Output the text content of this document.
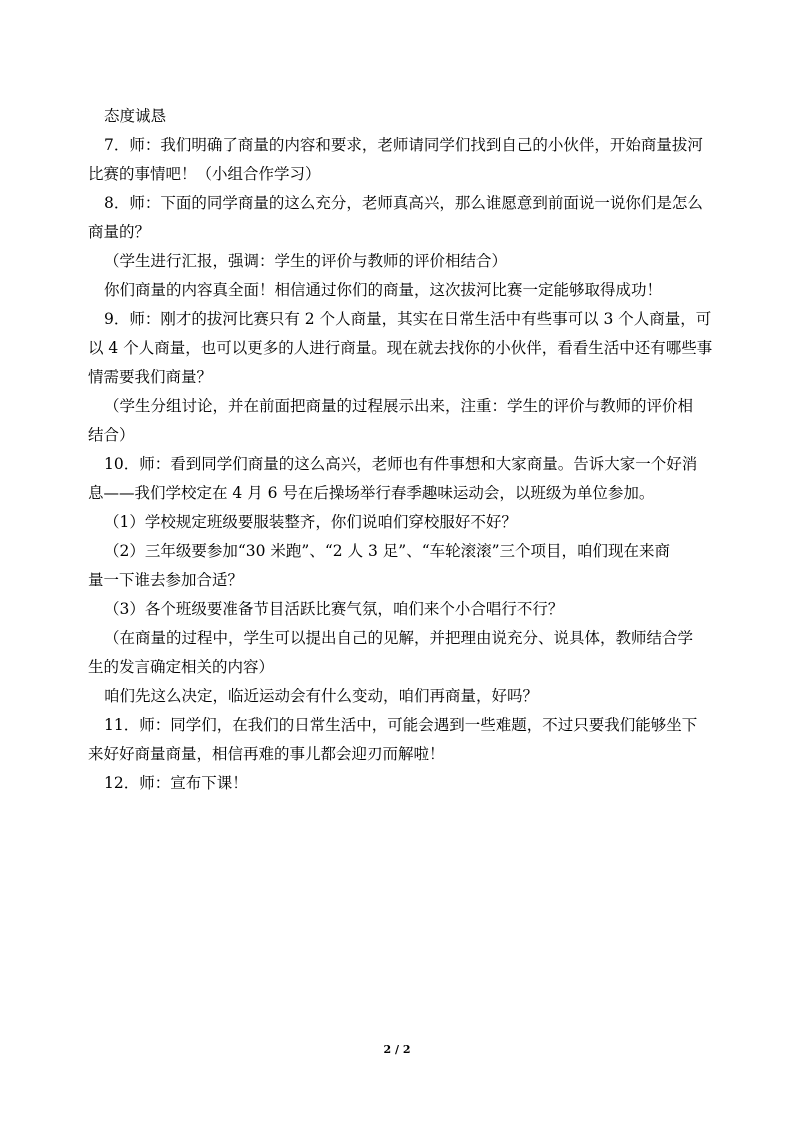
态度诚恳
7．师：我们明确了商量的内容和要求，老师请同学们找到自己的小伙伴，开始商量拔河
比赛的事情吧！（小组合作学习）
8．师：下面的同学商量的这么充分，老师真高兴，那么谁愿意到前面说一说你们是怎么
商量的？
（学生进行汇报，强调：学生的评价与教师的评价相结合）
你们商量的内容真全面！相信通过你们的商量，这次拔河比赛一定能够取得成功！
9．师：刚才的拔河比赛只有 2 个人商量，其实在日常生活中有些事可以 3 个人商量，可
以 4 个人商量，也可以更多的人进行商量。现在就去找你的小伙伴，看看生活中还有哪些事
情需要我们商量？
（学生分组讨论，并在前面把商量的过程展示出来，注重：学生的评价与教师的评价相
结合）
10．师：看到同学们商量的这么高兴，老师也有件事想和大家商量。告诉大家一个好消
息——我们学校定在 4 月 6 号在后操场举行春季趣味运动会，以班级为单位参加。
（1）学校规定班级要服装整齐，你们说咱们穿校服好不好？
（2）三年级要参加“30 米跑”、“2 人 3 足”、“车轮滚滚”三个项目，咱们现在来商
量一下谁去参加合适？
（3）各个班级要准备节目活跃比赛气氛，咱们来个小合唱行不行？
（在商量的过程中，学生可以提出自己的见解，并把理由说充分、说具体，教师结合学
生的发言确定相关的内容）
咱们先这么决定，临近运动会有什么变动，咱们再商量，好吗？
11．师：同学们，在我们的日常生活中，可能会遇到一些难题，不过只要我们能够坐下
来好好商量商量，相信再难的事儿都会迎刃而解啦！
12．师：宣布下课！
2 / 2
